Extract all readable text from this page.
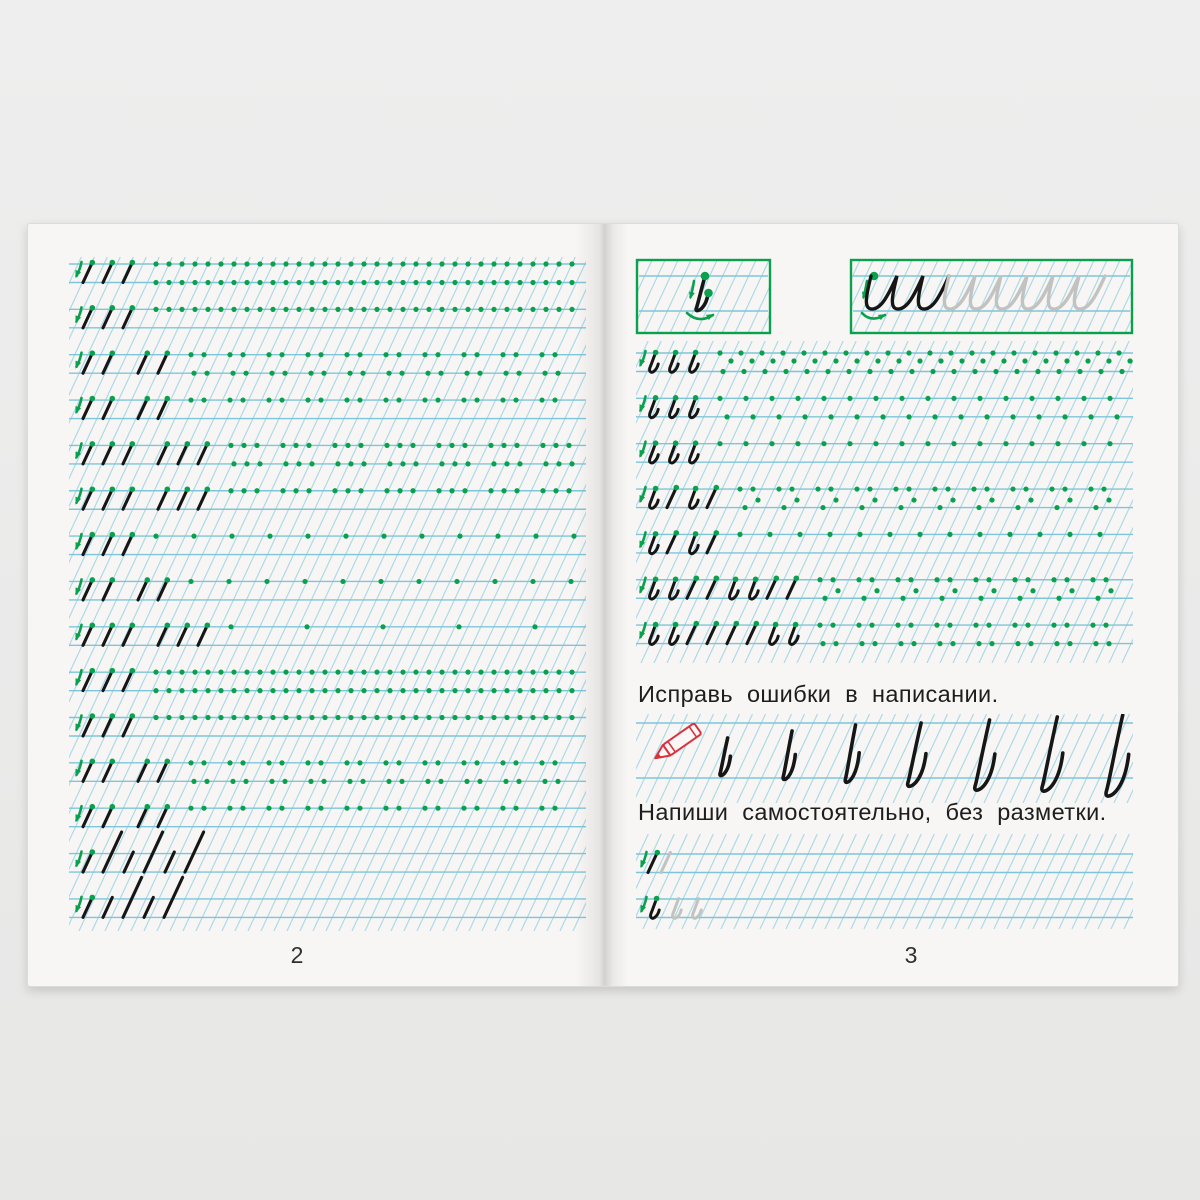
2
Исправь ошибки в написании.
Напиши самостоятельно, без разметки.
3
